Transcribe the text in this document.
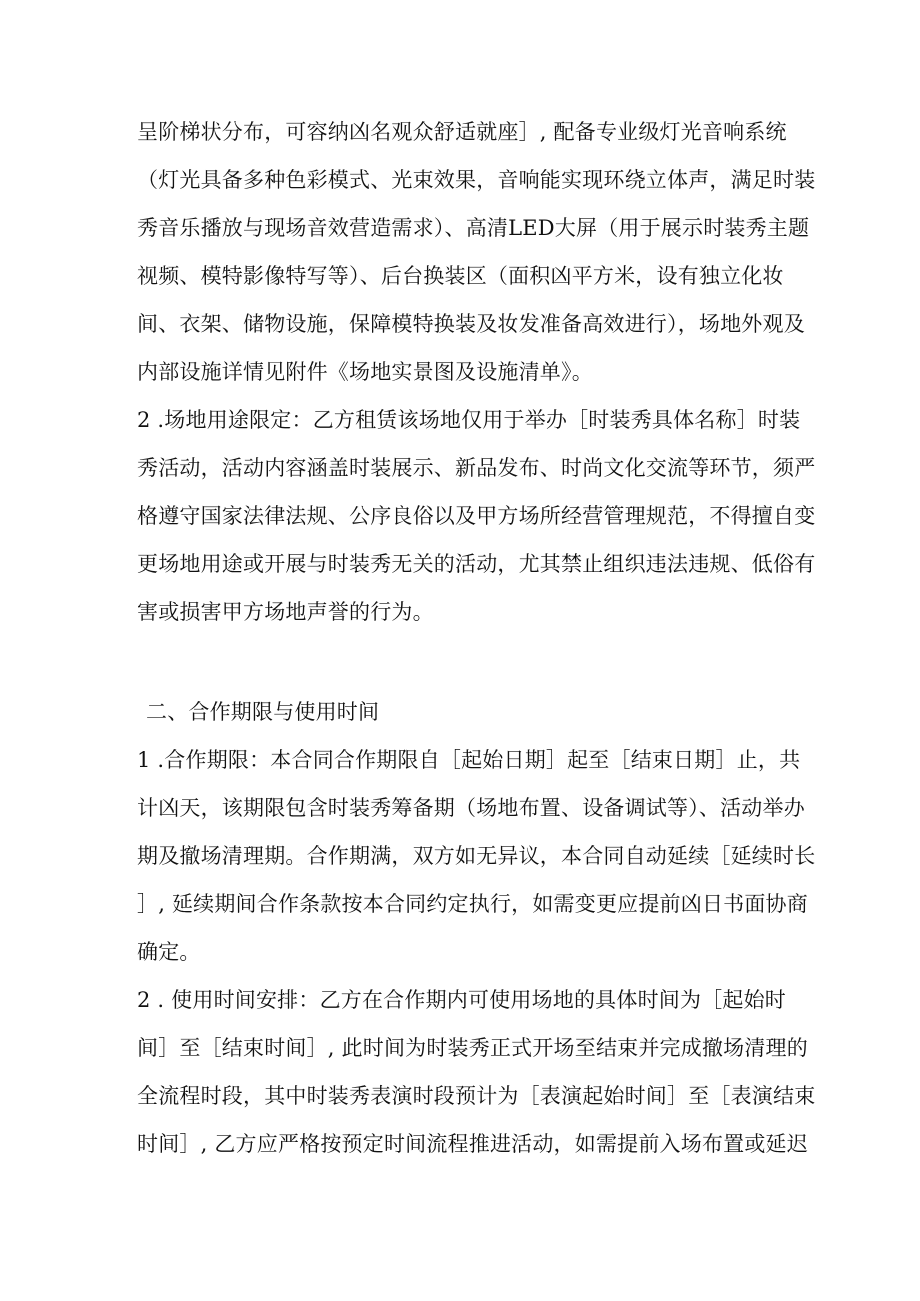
呈阶梯状分布，可容纳凶名观众舒适就座］, 配备专业级灯光音响系统
（灯光具备多种色彩模式、光束效果，音响能实现环绕立体声，满足时装
秀音乐播放与现场音效营造需求）、高清LED大屏（用于展示时装秀主题
视频、模特影像特写等）、后台换装区（面积凶平方米，设有独立化妆
间、衣架、储物设施，保障模特换装及妆发准备高效进行），场地外观及
内部设施详情见附件《场地实景图及设施清单》。
2 .场地用途限定：乙方租赁该场地仅用于举办［时装秀具体名称］时装
秀活动，活动内容涵盖时装展示、新品发布、时尚文化交流等环节，须严
格遵守国家法律法规、公序良俗以及甲方场所经营管理规范，不得擅自变
更场地用途或开展与时装秀无关的活动，尤其禁止组织违法违规、低俗有
害或损害甲方场地声誉的行为。
二、合作期限与使用时间
1 .合作期限：本合同合作期限自［起始日期］起至［结束日期］止，共
计凶天，该期限包含时装秀筹备期（场地布置、设备调试等）、活动举办
期及撤场清理期。合作期满，双方如无异议，本合同自动延续［延续时长
］, 延续期间合作条款按本合同约定执行，如需变更应提前凶日书面协商
确定。
2 . 使用时间安排：乙方在合作期内可使用场地的具体时间为［起始时
间］至［结束时间］, 此时间为时装秀正式开场至结束并完成撤场清理的
全流程时段，其中时装秀表演时段预计为［表演起始时间］至［表演结束
时间］, 乙方应严格按预定时间流程推进活动，如需提前入场布置或延迟
